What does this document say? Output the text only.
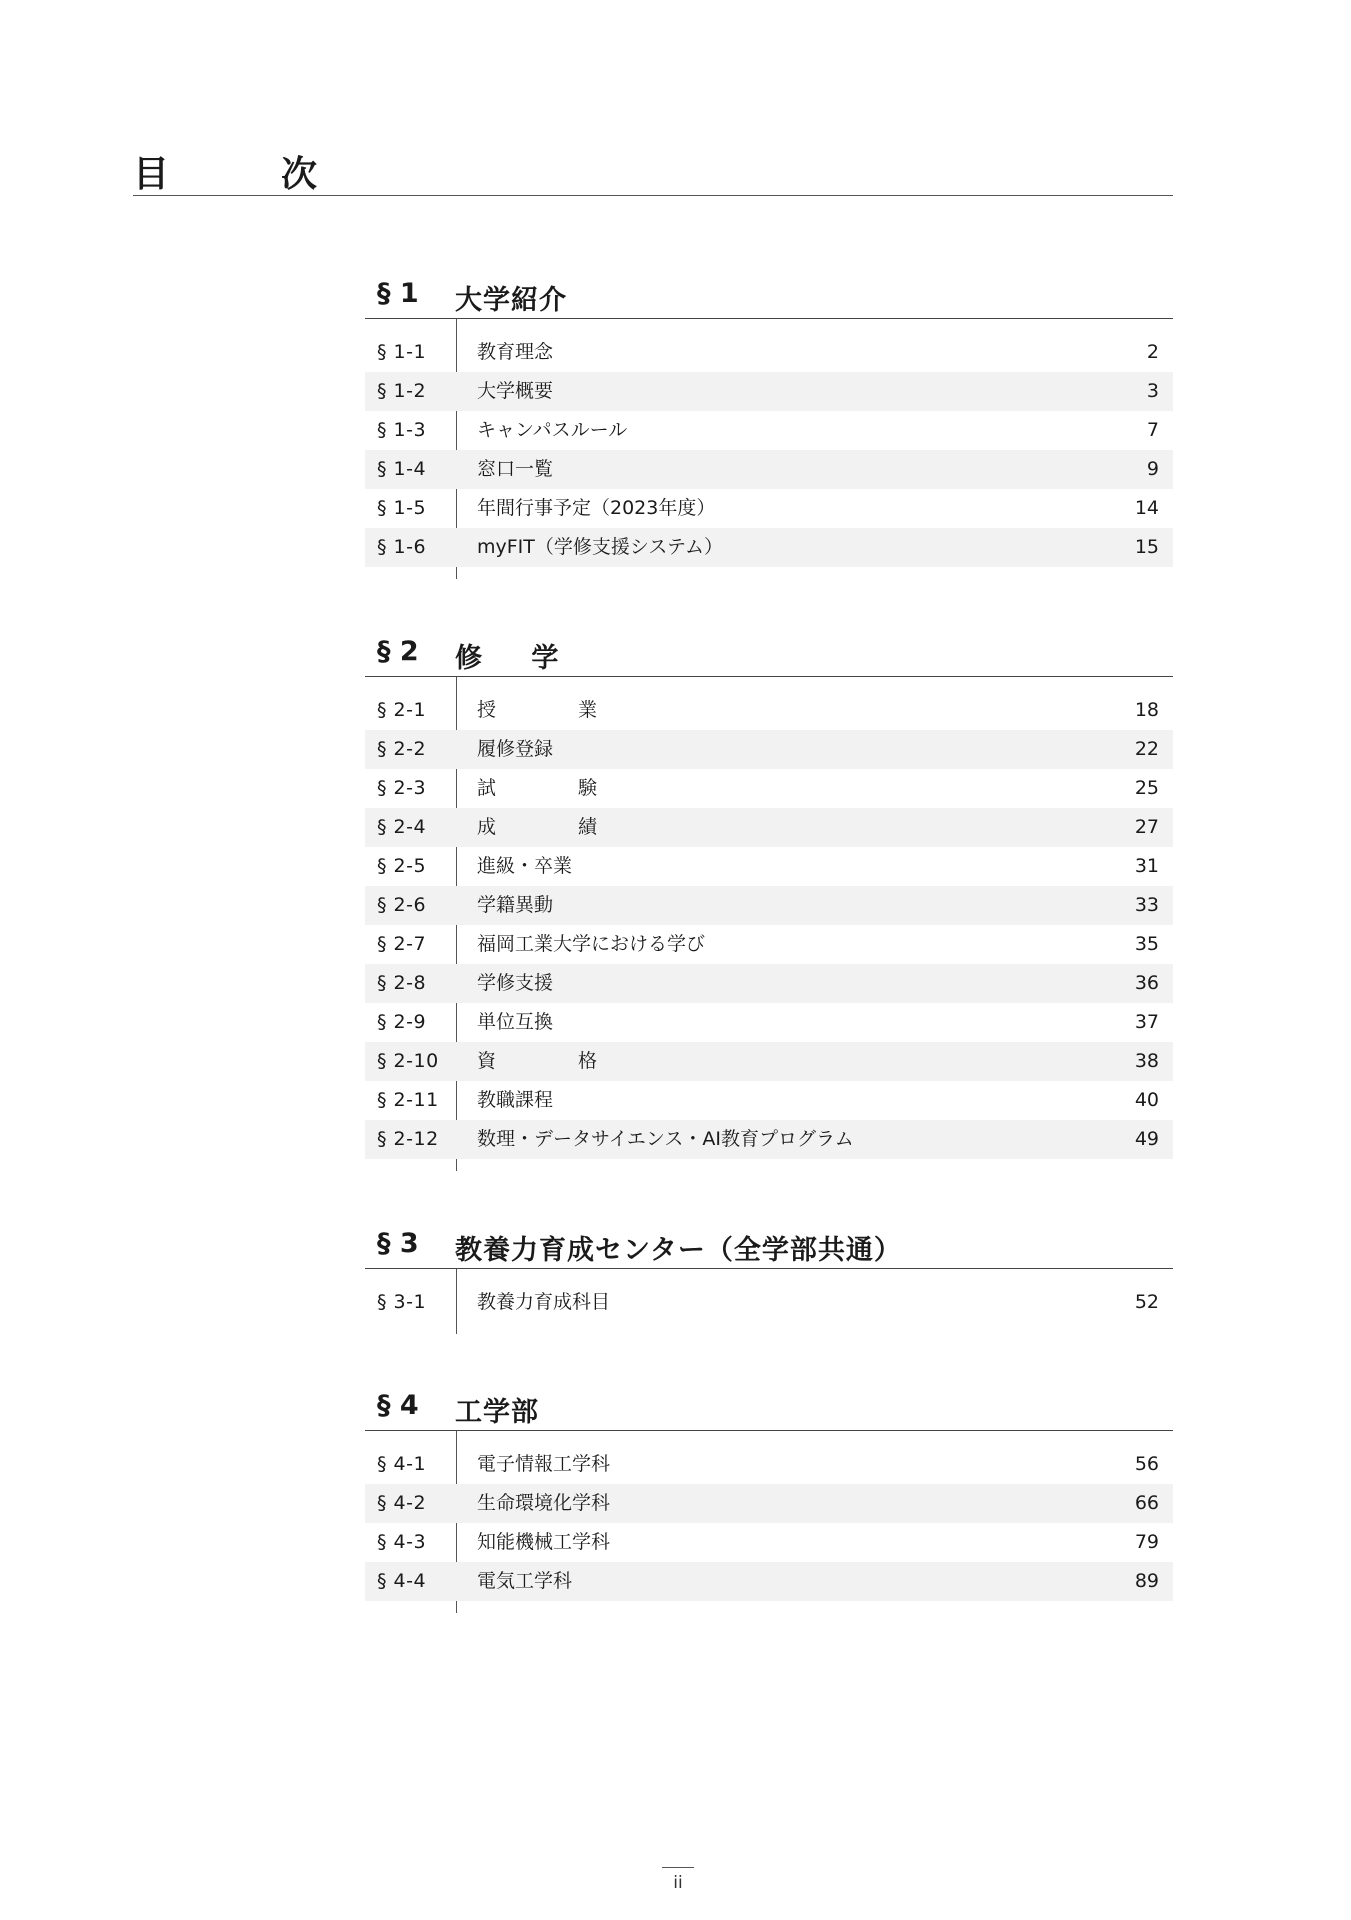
目　次
§ 1 大学紹介
§ 1-1	教育理念	2
§ 1-2	大学概要	3
§ 1-3	キャンパスルール	7
§ 1-4	窓口一覧	9
§ 1-5	年間行事予定（2023年度）	14
§ 1-6	myFIT（学修支援システム）	15
§ 2 修 学
§ 2-1	授 業	18
§ 2-2	履修登録	22
§ 2-3	試 験	25
§ 2-4	成 績	27
§ 2-5	進級・卒業	31
§ 2-6	学籍異動	33
§ 2-7	福岡工業大学における学び	35
§ 2-8	学修支援	36
§ 2-9	単位互換	37
§ 2-10 資 格	38
§ 2-11 教職課程	40
§ 2-12 数理・データサイエンス・AI教育プログラム	49
§ 3 教養力育成センター（全学部共通）
§ 3-1	教養力育成科目	52
§ 4 工学部
§ 4-1	電子情報工学科	56
§ 4-2	生命環境化学科	66
§ 4-3	知能機械工学科	79
§ 4-4	電気工学科	89
ii
